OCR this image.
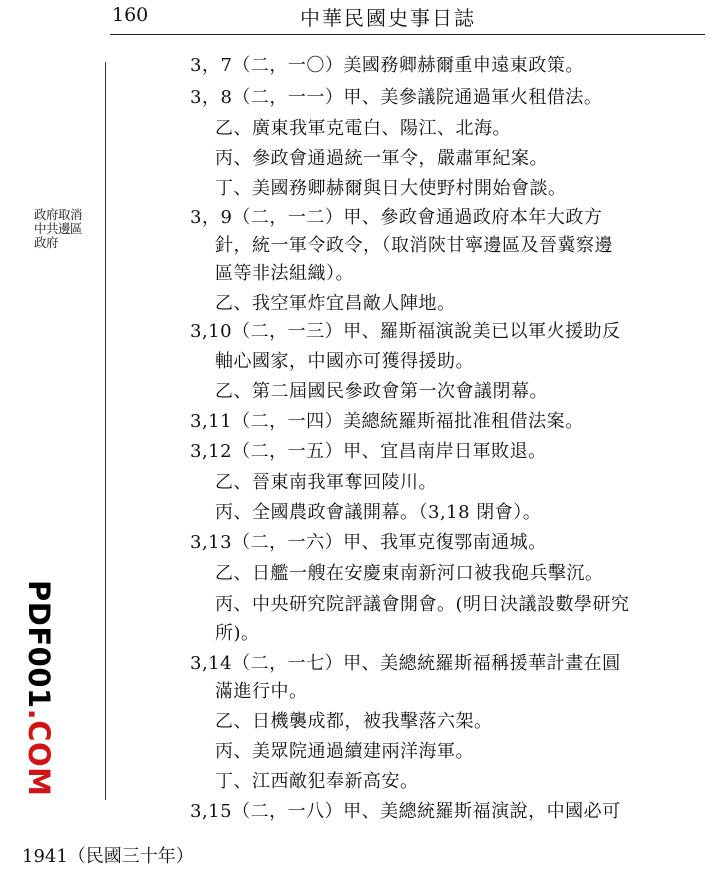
160	中華民國史事日誌
政府取消
中共邊區
政府
PDF001.COM
3，7（二，一〇）美國務卿赫爾重申遠東政策。
3，8（二，一一）甲、美參議院通過軍火租借法。
乙、廣東我軍克電白、陽江、北海。
丙、參政會通過統一軍令，嚴肅軍紀案。
丁、美國務卿赫爾與日大使野村開始會談。
3，9（二，一二）甲、參政會通過政府本年大政方
針，統一軍令政令，（取消陝甘寧邊區及晉冀察邊
區等非法組織）。
乙、我空軍炸宜昌敵人陣地。
3,10（二，一三）甲、羅斯福演說美已以軍火援助反
軸心國家，中國亦可獲得援助。
乙、第二屆國民參政會第一次會議閉幕。
3,11（二，一四）美總統羅斯福批准租借法案。
3,12（二，一五）甲、宜昌南岸日軍敗退。
乙、晉東南我軍奪回陵川。
丙、全國農政會議開幕。（3,18 閉會）。
3,13（二，一六）甲、我軍克復鄂南通城。
乙、日艦一艘在安慶東南新河口被我砲兵擊沉。
丙、中央研究院評議會開會。(明日決議設數學研究
所)。
3,14（二，一七）甲、美總統羅斯福稱援華計畫在圓
滿進行中。
乙、日機襲成都，被我擊落六架。
丙、美眾院通過續建兩洋海軍。
丁、江西敵犯奉新高安。
3,15（二，一八）甲、美總統羅斯福演說，中國必可
1941（民國三十年）
